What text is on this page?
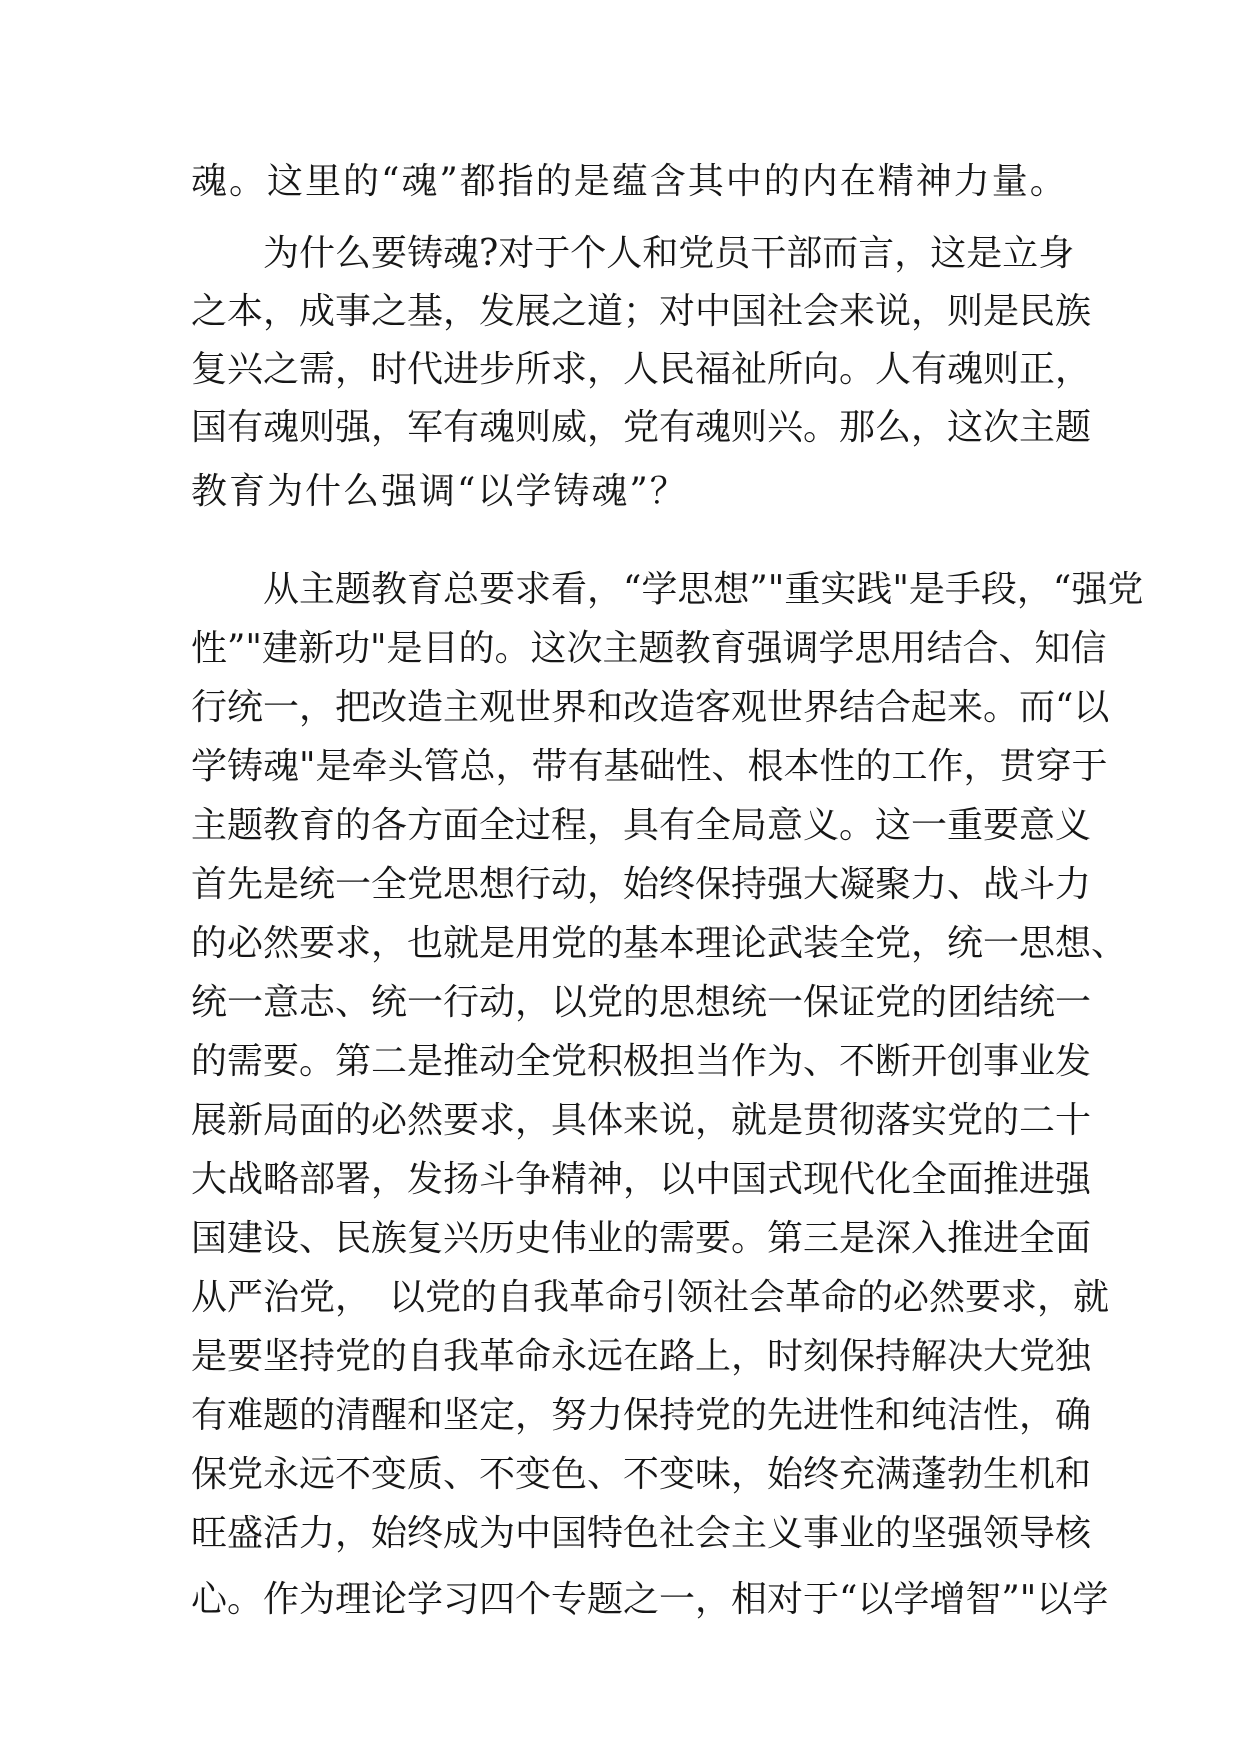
魂。这里的“魂”都指的是蕴含其中的内在精神力量。
为什么要铸魂?对于个人和党员干部而言，这是立身
之本，成事之基，发展之道；对中国社会来说，则是民族
复兴之需，时代进步所求，人民福祉所向。人有魂则正，
国有魂则强，军有魂则威，党有魂则兴。那么，这次主题
教育为什么强调“以学铸魂”？
从主题教育总要求看，“学思想”"重实践"是手段，“强党
性”"建新功"是目的。这次主题教育强调学思用结合、知信
行统一，把改造主观世界和改造客观世界结合起来。而“以
学铸魂"是牵头管总，带有基础性、根本性的工作，贯穿于
主题教育的各方面全过程，具有全局意义。这一重要意义
首先是统一全党思想行动，始终保持强大凝聚力、战斗力
的必然要求，也就是用党的基本理论武装全党，统一思想、
统一意志、统一行动，以党的思想统一保证党的团结统一
的需要。第二是推动全党积极担当作为、不断开创事业发
展新局面的必然要求，具体来说，就是贯彻落实党的二十
大战略部署，发扬斗争精神，以中国式现代化全面推进强
国建设、民族复兴历史伟业的需要。第三是深入推进全面
从严治党，　以党的自我革命引领社会革命的必然要求，就
是要坚持党的自我革命永远在路上，时刻保持解决大党独
有难题的清醒和坚定，努力保持党的先进性和纯洁性，确
保党永远不变质、不变色、不变味，始终充满蓬勃生机和
旺盛活力，始终成为中国特色社会主义事业的坚强领导核
心。作为理论学习四个专题之一，相对于“以学增智”"以学
